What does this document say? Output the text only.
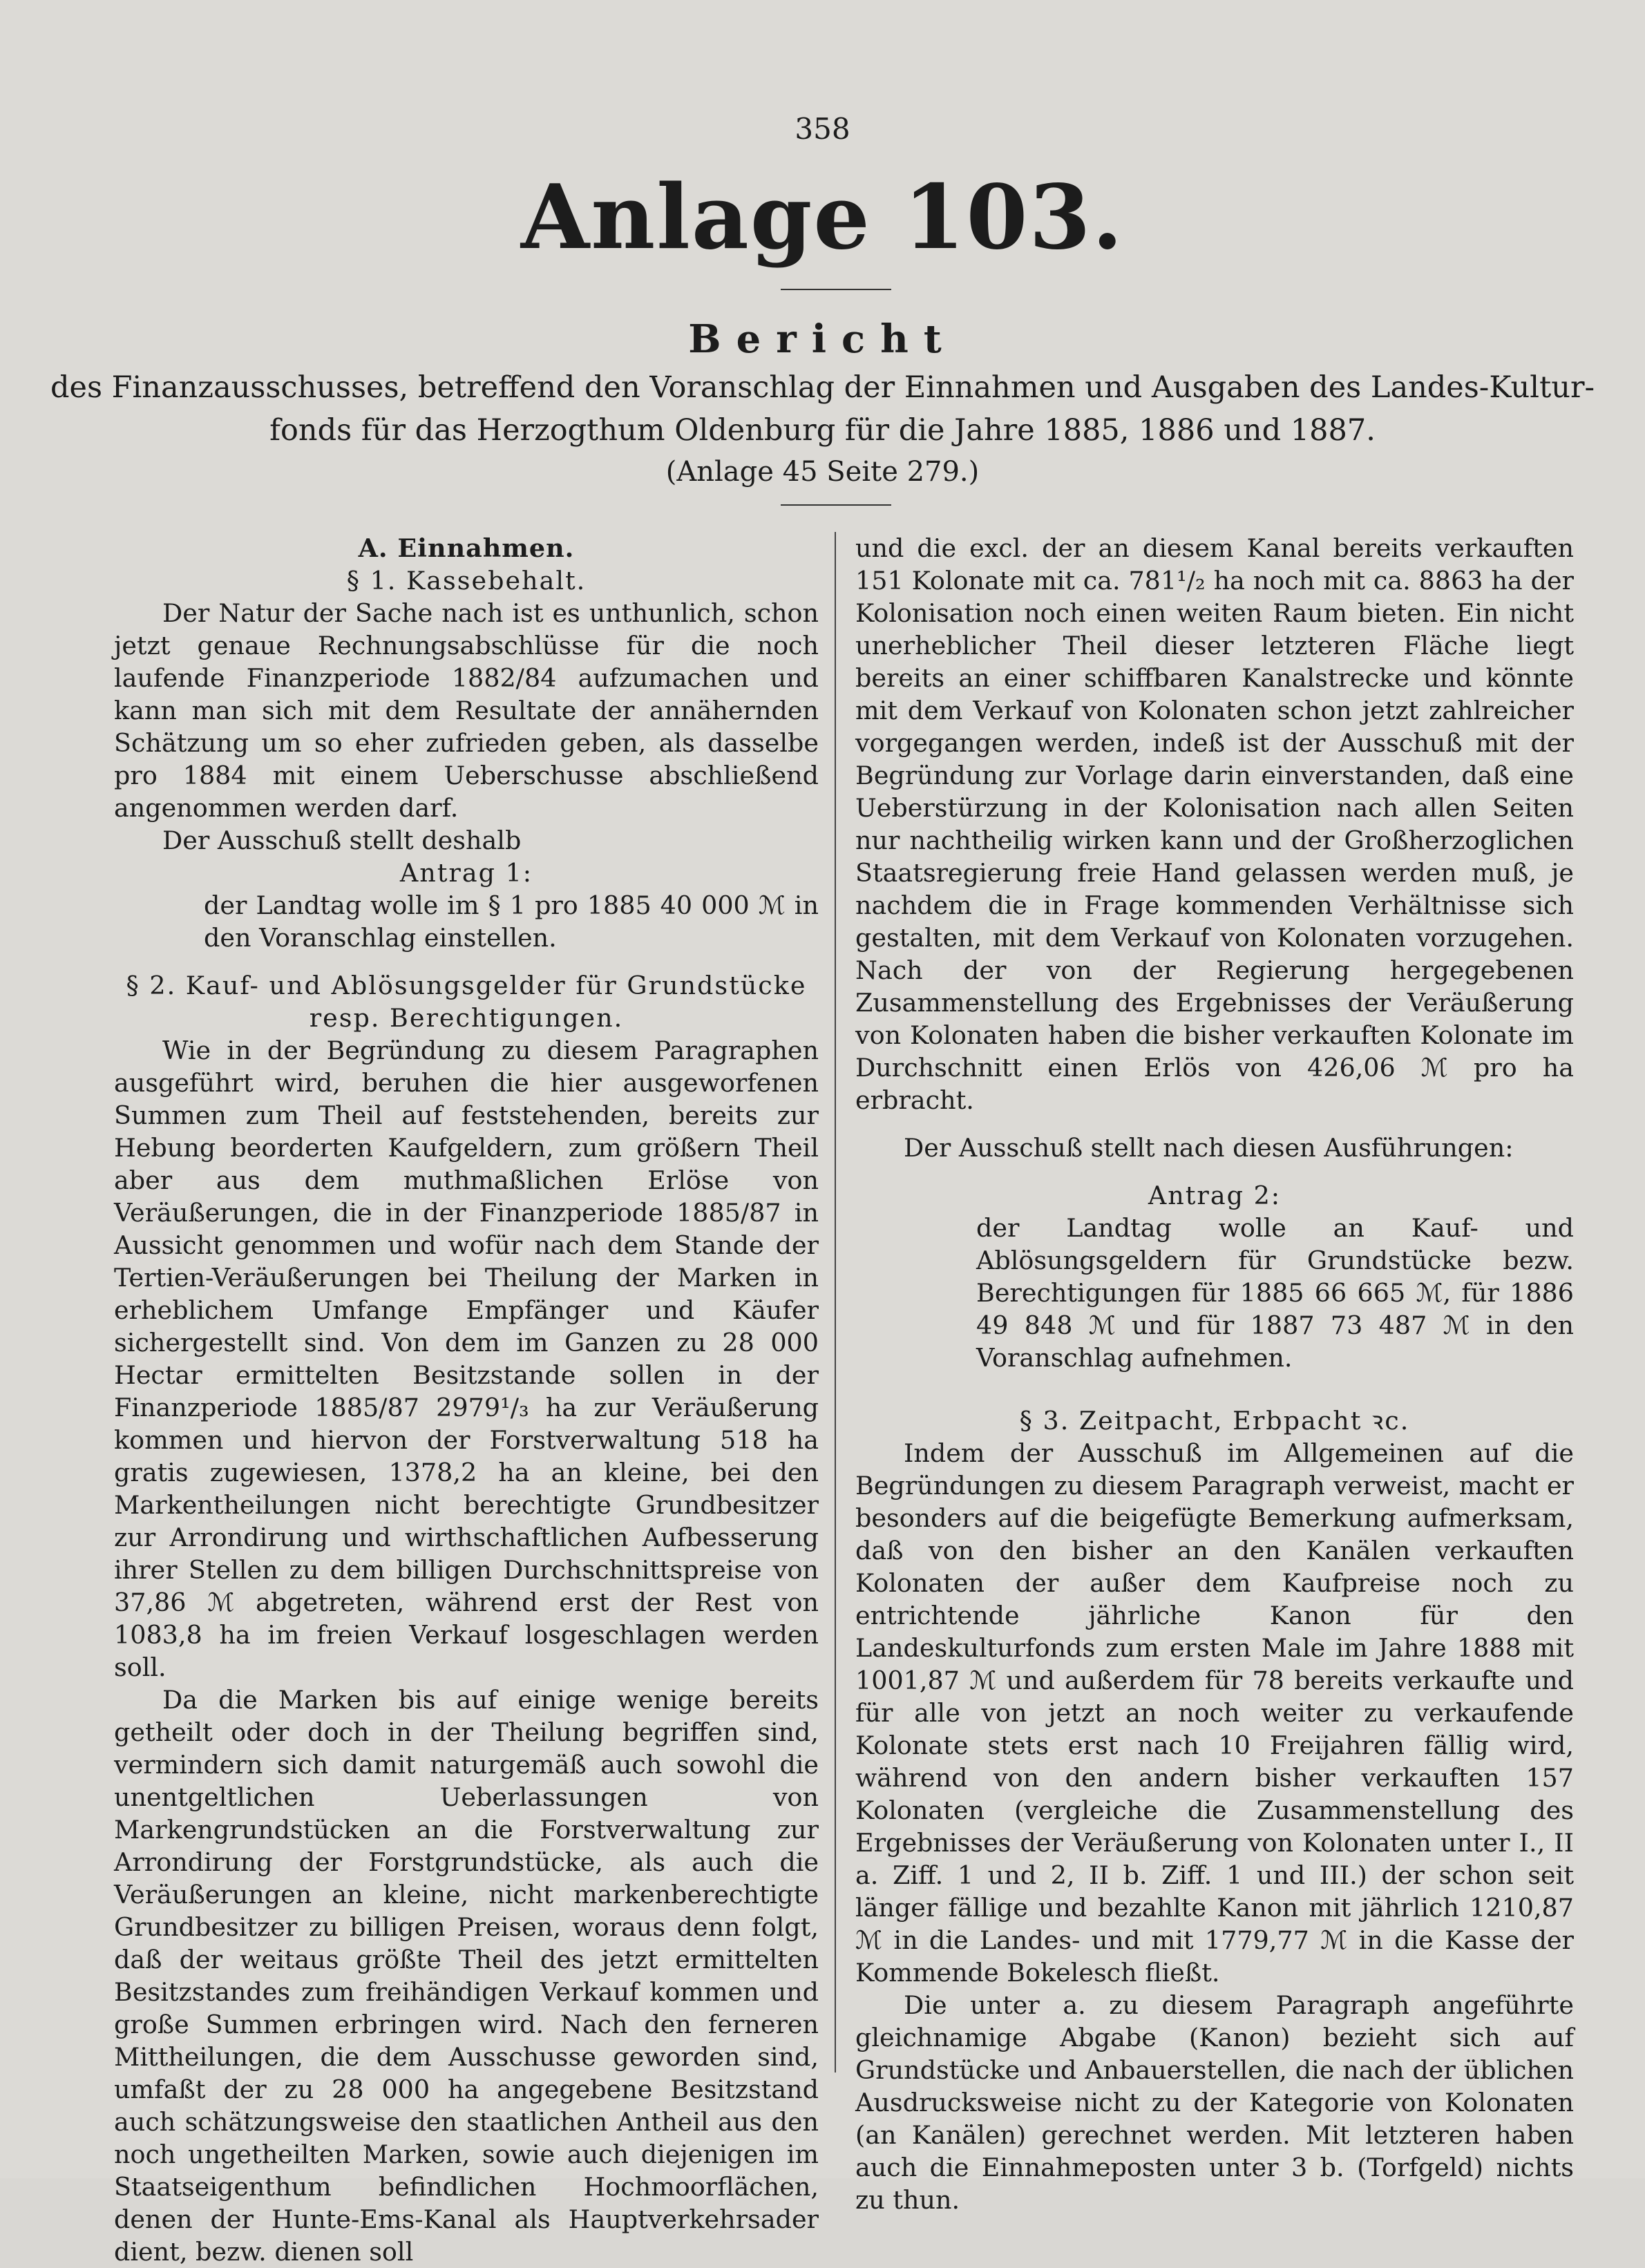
358
Anlage 103.
Bericht
des Finanzausschusses, betreffend den Voranschlag der Einnahmen und Ausgaben des Landes-Kultur-
fonds für das Herzogthum Oldenburg für die Jahre 1885, 1886 und 1887.
(Anlage 45 Seite 279.)

A. Einnahmen.

§ 1. Kassebehalt.

Der Natur der Sache nach ist es unthunlich, schon jetzt genaue Rechnungsabschlüsse für die noch laufende Finanzperiode 1882/84 aufzumachen und kann man sich mit dem Resultate der annähernden Schätzung um so eher zufrieden geben, als dasselbe pro 1884 mit einem Ueberschusse abschließend angenommen werden darf.

Der Ausschuß stellt deshalb

Antrag 1:

der Landtag wolle im § 1 pro 1885 40 000 ℳ in den Voranschlag einstellen.

§ 2. Kauf- und Ablösungsgelder für Grundstücke

resp. Berechtigungen.

Wie in der Begründung zu diesem Paragraphen ausgeführt wird, beruhen die hier ausgeworfenen Summen zum Theil auf feststehenden, bereits zur Hebung beorderten Kaufgeldern, zum größern Theil aber aus dem muthmaßlichen Erlöse von Veräußerungen, die in der Finanzperiode 1885/87 in Aussicht genommen und wofür nach dem Stande der Tertien-Veräußerungen bei Theilung der Marken in erheblichem Umfange Empfänger und Käufer sichergestellt sind. Von dem im Ganzen zu 28 000 Hectar ermittelten Besitzstande sollen in der Finanzperiode 1885/87 2979¹/₃ ha zur Veräußerung kommen und hiervon der Forstverwaltung 518 ha gratis zugewiesen, 1378,2 ha an kleine, bei den Markentheilungen nicht berechtigte Grundbesitzer zur Arrondirung und wirthschaftlichen Aufbesserung ihrer Stellen zu dem billigen Durchschnittspreise von 37,86 ℳ abgetreten, während erst der Rest von 1083,8 ha im freien Verkauf losgeschlagen werden soll.

Da die Marken bis auf einige wenige bereits getheilt oder doch in der Theilung begriffen sind, vermindern sich damit naturgemäß auch sowohl die unentgeltlichen Ueberlassungen von Markengrundstücken an die Forstverwaltung zur Arrondirung der Forstgrundstücke, als auch die Veräußerungen an kleine, nicht markenberechtigte Grundbesitzer zu billigen Preisen, woraus denn folgt, daß der weitaus größte Theil des jetzt ermittelten Besitzstandes zum freihändigen Verkauf kommen und große Summen erbringen wird. Nach den ferneren Mittheilungen, die dem Ausschusse geworden sind, umfaßt der zu 28 000 ha angegebene Besitzstand auch schätzungsweise den staatlichen Antheil aus den noch ungetheilten Marken, sowie auch diejenigen im Staatseigenthum befindlichen Hochmoorflächen, denen der Hunte-Ems-Kanal als Hauptverkehrsader dient, bezw. dienen soll

und die excl. der an diesem Kanal bereits verkauften 151 Kolonate mit ca. 781¹/₂ ha noch mit ca. 8863 ha der Kolonisation noch einen weiten Raum bieten. Ein nicht unerheblicher Theil dieser letzteren Fläche liegt bereits an einer schiffbaren Kanalstrecke und könnte mit dem Verkauf von Kolonaten schon jetzt zahlreicher vorgegangen werden, indeß ist der Ausschuß mit der Begründung zur Vorlage darin einverstanden, daß eine Ueberstürzung in der Kolonisation nach allen Seiten nur nachtheilig wirken kann und der Großherzoglichen Staatsregierung freie Hand gelassen werden muß, je nachdem die in Frage kommenden Verhältnisse sich gestalten, mit dem Verkauf von Kolonaten vorzugehen. Nach der von der Regierung hergegebenen Zusammenstellung des Ergebnisses der Veräußerung von Kolonaten haben die bisher verkauften Kolonate im Durchschnitt einen Erlös von 426,06 ℳ pro ha erbracht.

Der Ausschuß stellt nach diesen Ausführungen:

Antrag 2:

der Landtag wolle an Kauf- und Ablösungsgeldern für Grundstücke bezw. Berechtigungen für 1885 66 665 ℳ, für 1886 49 848 ℳ und für 1887 73 487 ℳ in den Voranschlag aufnehmen.

§ 3. Zeitpacht, Erbpacht ꝛc.

Indem der Ausschuß im Allgemeinen auf die Begründungen zu diesem Paragraph verweist, macht er besonders auf die beigefügte Bemerkung aufmerksam, daß von den bisher an den Kanälen verkauften Kolonaten der außer dem Kaufpreise noch zu entrichtende jährliche Kanon für den Landeskulturfonds zum ersten Male im Jahre 1888 mit 1001,87 ℳ und außerdem für 78 bereits verkaufte und für alle von jetzt an noch weiter zu verkaufende Kolonate stets erst nach 10 Freijahren fällig wird, während von den andern bisher verkauften 157 Kolonaten (vergleiche die Zusammenstellung des Ergebnisses der Veräußerung von Kolonaten unter I., II a. Ziff. 1 und 2, II b. Ziff. 1 und III.) der schon seit länger fällige und bezahlte Kanon mit jährlich 1210,87 ℳ in die Landes- und mit 1779,77 ℳ in die Kasse der Kommende Bokelesch fließt.

Die unter a. zu diesem Paragraph angeführte gleichnamige Abgabe (Kanon) bezieht sich auf Grundstücke und Anbauerstellen, die nach der üblichen Ausdrucksweise nicht zu der Kategorie von Kolonaten (an Kanälen) gerechnet werden. Mit letzteren haben auch die Einnahmeposten unter 3 b. (Torfgeld) nichts zu thun.
